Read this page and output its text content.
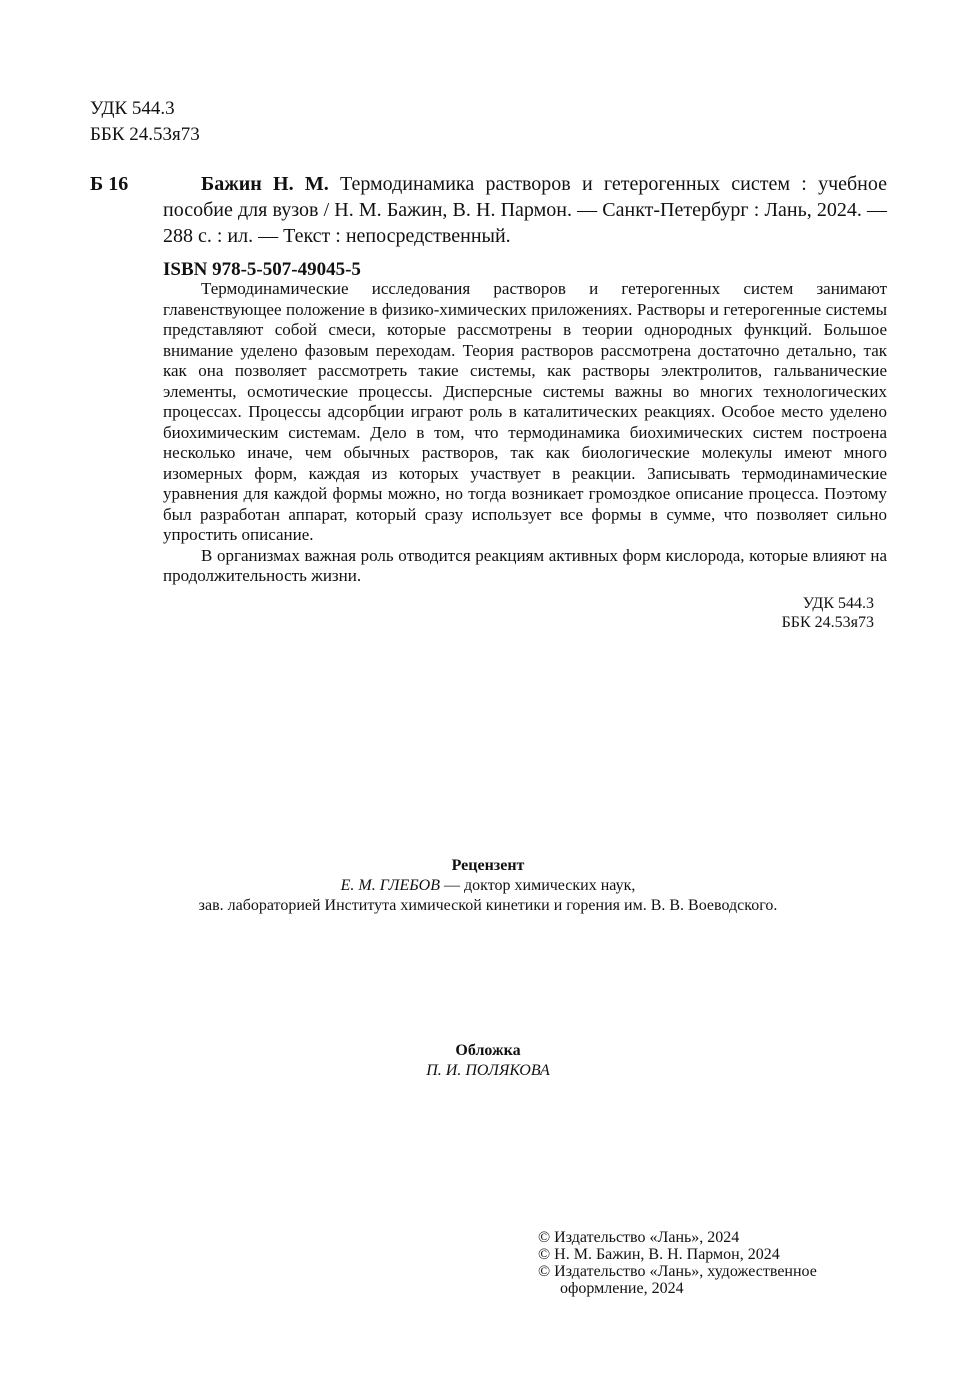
УДК 544.3
ББК 24.53я73
Б 16	Бажин Н. М. Термодинамика растворов и гетерогенных систем : учебное пособие для вузов / Н. М. Бажин, В. Н. Пармон. — Санкт-Петербург : Лань, 2024. — 288 с. : ил. — Текст : непосредственный.
ISBN 978-5-507-49045-5

Термодинамические исследования растворов и гетерогенных систем занимают главенствующее положение в физико-химических приложениях. Растворы и гетерогенные системы представляют собой смеси, которые рассмотрены в теории однородных функций. Большое внимание уделено фазовым переходам. Теория растворов рассмотрена достаточно детально, так как она позволяет рассмотреть такие системы, как растворы электролитов, гальванические элементы, осмотические процессы. Дисперсные системы важны во многих технологических процессах. Процессы адсорбции играют роль в каталитических реакциях. Особое место уделено биохимическим системам. Дело в том, что термодинамика биохимических систем построена несколько иначе, чем обычных растворов, так как биологические молекулы имеют много изомерных форм, каждая из которых участвует в реакции. Записывать термодинамические уравнения для каждой формы можно, но тогда возникает громоздкое описание процесса. Поэтому был разработан аппарат, который сразу использует все формы в сумме, что позволяет сильно упростить описание.

В организмах важная роль отводится реакциям активных форм кислорода, которые влияют на продолжительность жизни.

УДК 544.3
ББК 24.53я73
Рецензент
Е. М. ГЛЕБОВ — доктор химических наук,
зав. лабораторией Института химической кинетики и горения им. В. В. Воеводского.
Обложка
П. И. ПОЛЯКОВА
© Издательство «Лань», 2024
© Н. М. Бажин, В. Н. Пармон, 2024
© Издательство «Лань», художественное
оформление, 2024
